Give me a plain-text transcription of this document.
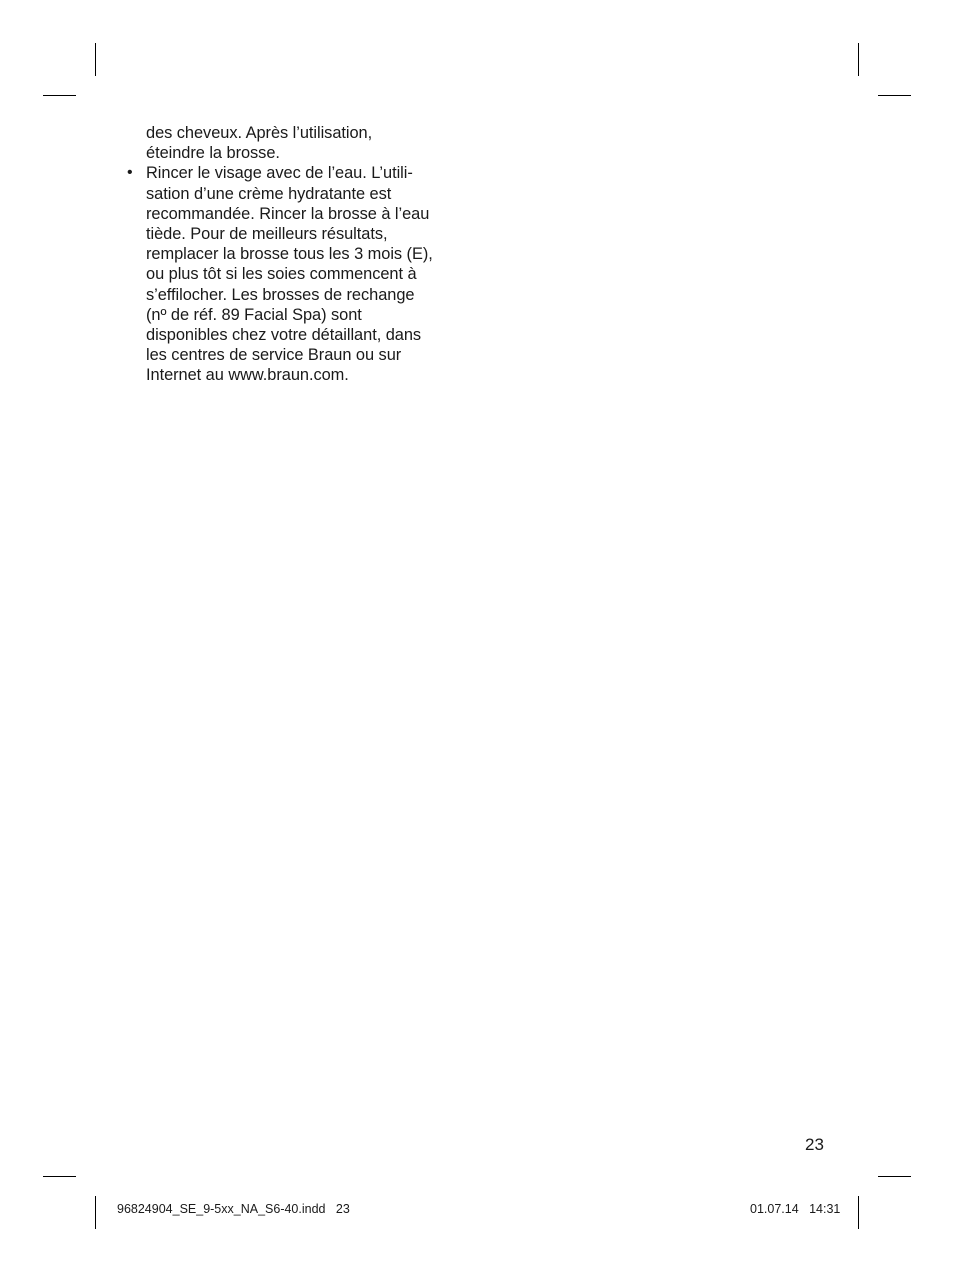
des cheveux. Après l’utilisation,
éteindre la brosse.
• Rincer le visage avec de l’eau. L’utili-
sation d’une crème hydratante est
recommandée. Rincer la brosse à l’eau
tiède. Pour de meilleurs résultats,
remplacer la brosse tous les 3 mois (E),
ou plus tôt si les soies commencent à
s’effilocher. Les brosses de rechange
(nº de réf. 89 Facial Spa) sont
disponibles chez votre détaillant, dans
les centres de service Braun ou sur
Internet au www.braun.com.
23
96824904_SE_9-5xx_NA_S6-40.indd   23	01.07.14   14:31
